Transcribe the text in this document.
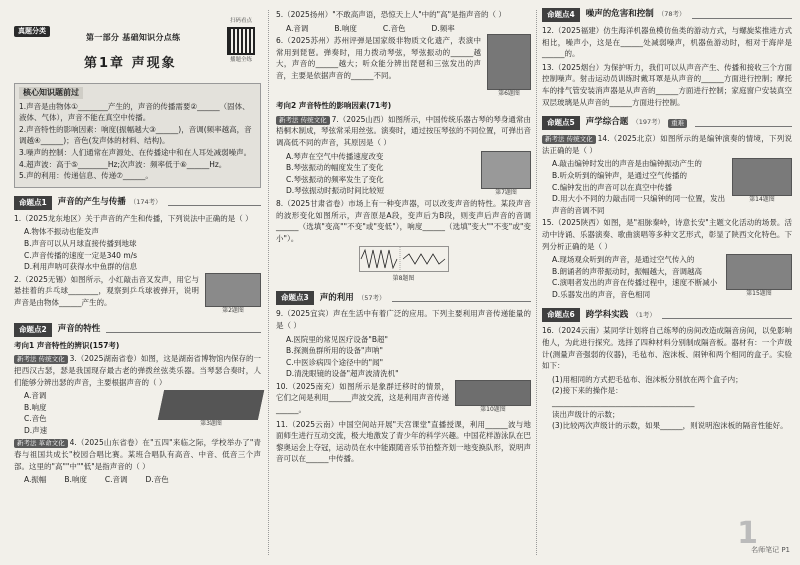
真题分类
第一部分 基础知识分点练
扫码看点
播题全练
第1章 声现象
核心知识题前过
1.声音是由物体①________产生的，声音的传播需要②______（固体、液体、气体），声音不能在真空中传播。
2.声音特性的影响因素：响度(振幅越大③______)，音调(频率越高，音调越④______)；音色(发声体的材料、结构)。
3.噪声的控制：人们通常在声源处、在传播途中和在人耳处减弱噪声。
4.超声波：高于⑤________Hz;次声波：频率低于⑥______Hz。
5.声的利用：传递信息、传递⑦______。
命题点1	声音的产生与传播 （174考）
1.（2025龙东地区）关于声音的产生和传播，下列说法中正确的是（ ）
A.物体不振动也能发声
B.声音可以从月球直接传播到地球
C.声音传播的速度一定是340 m/s
D.利用声呐可获得水中鱼群的信息
2.（2025无锡）如图所示，小红敲击音叉发声，用它与悬挂着的乒乓球________，观察到乒乓球被弹开，说明声音是由物体______产生的。
第2题图
命题点2	声音的特性
考向1 声音特性的辨识(157考)
新考法 传统文化 3.（2025湖南省卷）如图，这是湖南省博物馆内保存的一把西汉古瑟，瑟是我国现存最古老的弹拨丝弦类乐器。当琴瑟合奏时，人们能够分辨出瑟的声音，主要根据声音的（ ）
A.音调
B.响度
C.音色
D.声速
第3题图
新考法 革命文化 4.（2025山东省卷）在"五四"来临之际，学校举办了"青春与祖国共成长"校园合唱比赛。某班合唱队有高音、中音、低音三个声部。这里的"高""中""低"是指声音的（ ）
A.振幅 B.响度 C.音调 D.音色
5.（2025扬州）"不敢高声语，恐惊天上人"中的"高"是指声音的（ ）
A.音调	B.响度	C.音色	D.频率
6.（2025苏州）苏州评弹是国家级非物质文化遗产，表演中常用到琵琶。弹奏时，用力拨动琴弦，琴弦振动的______越大，声音的______越大；听众能分辨出琵琶和三弦发出的声音，主要是依据声音的______不同。
第6题图
考向2 声音特性的影响因素(71考)
新考法 传统文化 7.（2025山西）如图所示，中国传统乐器古琴的琴身通常由梧桐木制成，琴弦常采用丝弦。演奏时，通过按压琴弦的不同位置，可弹出音调高低不同的声音，其原因是（ ）
A.琴声在空气中传播速度改变
B.琴弦振动的幅度发生了变化
C.琴弦振动的频率发生了变化
D.琴弦振动时振动时间比较短	第7题图
8.（2025甘肃省卷）市场上有一种变声器，可以改变声音的特性。某段声音的波形变化如图所示，声音原是A段，变声后为B段，则变声后声音的音调______（选填"变高""不变"或"变低"），响度______（选填"变大""不变"或"变小"）。
第8题图
命题点3	声的利用 （57考）
9.（2025宜宾）声在生活中有着广泛的应用。下列主要利用声音传递能量的是（ ）
A.医院里的常见医疗设备"B超"
B.探测鱼群所用的设备"声呐"
C.中医诊病四个途径中的"闻"
D.清洗眼镜的设备"超声波清洗机"
10.（2025南充）如图所示是象群迁移时的情景，它们之间是利用______声波交流，这是利用声音传递______。	第10题图
11.（2025云南）中国空间站开展"天宫课堂"直播授课，利用______波与地面师生进行互动交流，极大地激发了青少年的科学兴趣。中国花样游泳队在巴黎奥运会上夺冠，运动员在水中能跟随音乐节拍整齐划一地变换队形，说明声音可以在______中传播。
命题点4	噪声的危害和控制 （78考）
12.（2025福建）仿生海洋机器鱼模仿鱼类的游动方式，与螺旋桨推进方式相比，噪声小，这是在______处减弱噪声，机器鱼游动时，相对于海岸是______的。
13.（2025烟台）为保护听力，我们可以从声音产生、传播和接收三个方面控制噪声。射击运动员训练时戴耳罩是从声音的______方面进行控制；摩托车的排气管安装消声器是从声音的______方面进行控制；家庭窗户安装真空双层玻璃是从声音的______方面进行控制。
命题点5	声学综合题 （197考）	重难
新考法 传统文化 14.（2025北京）如图所示的是编钟演奏的情境，下列说法正确的是（ ）
A.敲击编钟时发出的声音是由编钟振动产生的
B.听众听到的编钟声，是通过空气传播的
C.编钟发出的声音可以在真空中传播
D.用大小不同的力敲击同一只编钟的同一位置，发出声音的音调不同
第14题图
15.（2025陕西）如图，是"祖脉秦岭，诗意长安"主题文化活动的场景。活动中诗诵、乐器演奏、歌曲演唱等多种文艺形式，彰显了陕西文化特色。下列分析正确的是（ ）
A.现场观众听到的声音，是通过空气传入的
B.朗诵者的声带振动时，振幅越大，音调越高
C.演唱者发出的声音在传播过程中，速度不断减小
D.乐器发出的声音，音色相同	第15题图
命题点6	跨学科实践 （1考）
16.（2024云南）某同学计划将自己练琴的房间改造成隔音房间，以免影响他人，为此进行探究。选择了四种材料分别制成隔音板。器材有：一个声级计(测量声音强弱的仪器)，毛毡布、泡沫板、闹钟和两个相同的盒子。实验如下：
(1)用相同的方式把毛毡布、泡沫板分别放在两个盒子内；
(2)接下来的操作是：
______________________________________
读出声级计的示数；
(3)比较两次声级计的示数，如果______，则说明泡沫板的隔音性能好。
1
名师笔记 P1
